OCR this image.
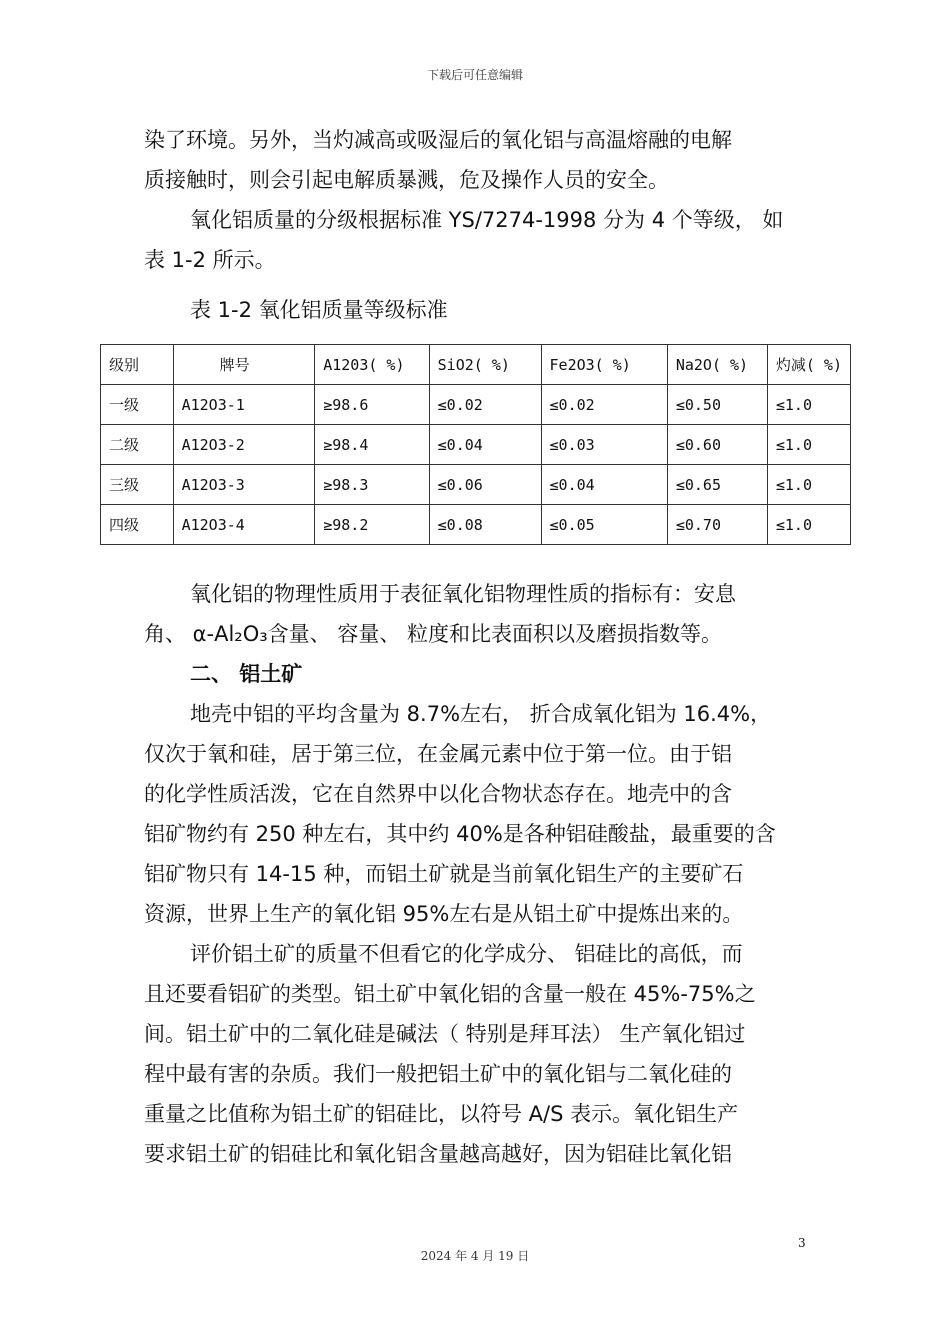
下载后可任意编辑
染了环境。另外，当灼减高或吸湿后的氧化铝与高温熔融的电解
质接触时，则会引起电解质暴溅，危及操作人员的安全。
氧化铝质量的分级根据标准 YS/7274-1998 分为 4 个等级， 如
表 1-2 所示。
表 1-2 氧化铝质量等级标准
级别	牌号	A1203( %)	SiO2( %)	Fe2O3( %)	Na2O( %)	灼减( %)
一级	A12O3-1	≥98.6	≤0.02	≤0.02	≤0.50	≤1.0
二级	A12O3-2	≥98.4	≤0.04	≤0.03	≤0.60	≤1.0
三级	A12O3-3	≥98.3	≤0.06	≤0.04	≤0.65	≤1.0
四级	A12O3-4	≥98.2	≤0.08	≤0.05	≤0.70	≤1.0
氧化铝的物理性质用于表征氧化铝物理性质的指标有：安息
角、 α-Al₂O₃含量、 容量、 粒度和比表面积以及磨损指数等。
二、 铝土矿
地壳中铝的平均含量为 8.7%左右， 折合成氧化铝为 16.4%，
仅次于氧和硅，居于第三位，在金属元素中位于第一位。由于铝
的化学性质活泼，它在自然界中以化合物状态存在。地壳中的含
铝矿物约有 250 种左右，其中约 40%是各种铝硅酸盐，最重要的含
铝矿物只有 14-15 种，而铝土矿就是当前氧化铝生产的主要矿石
资源，世界上生产的氧化铝 95%左右是从铝土矿中提炼出来的。
评价铝土矿的质量不但看它的化学成分、 铝硅比的高低，而
且还要看铝矿的类型。铝土矿中氧化铝的含量一般在 45%-75%之
间。铝土矿中的二氧化硅是碱法（ 特别是拜耳法） 生产氧化铝过
程中最有害的杂质。我们一般把铝土矿中的氧化铝与二氧化硅的
重量之比值称为铝土矿的铝硅比，以符号 A/S 表示。氧化铝生产
要求铝土矿的铝硅比和氧化铝含量越高越好，因为铝硅比氧化铝
3
2024 年 4 月 19 日
